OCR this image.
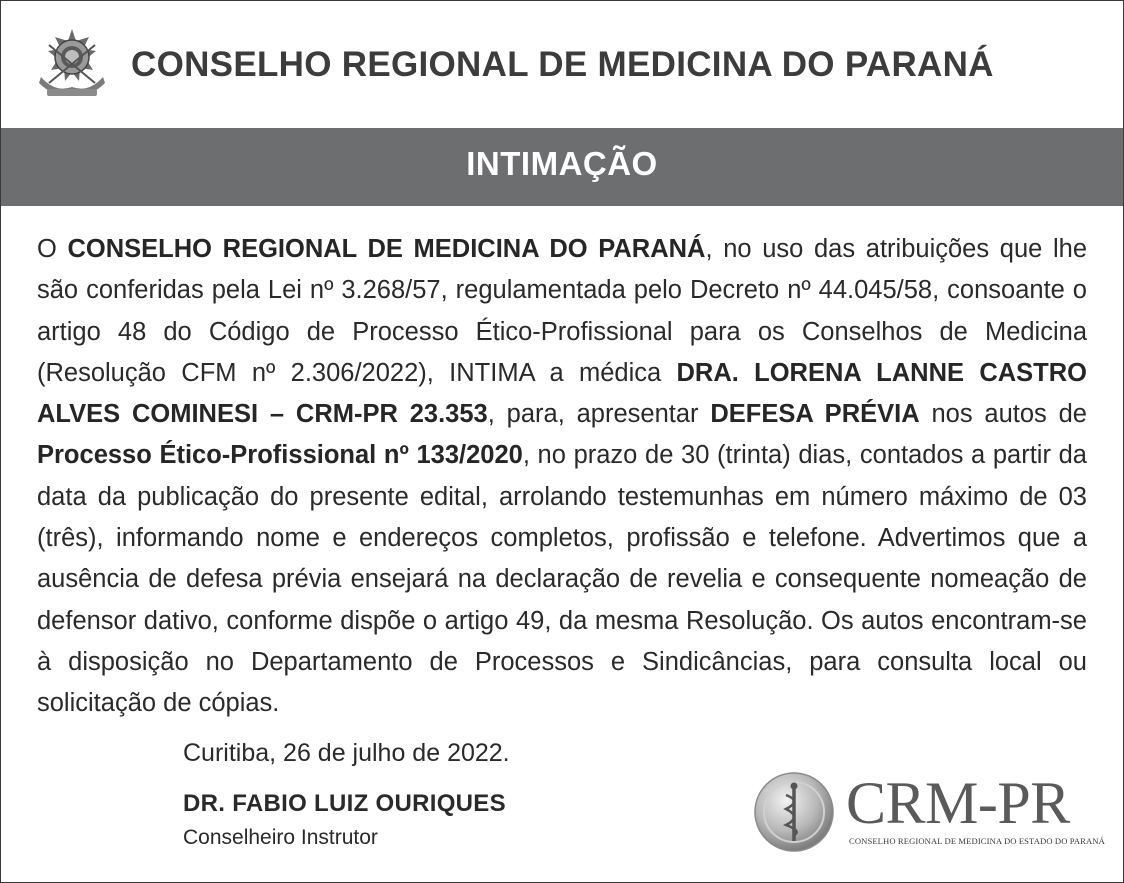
CONSELHO REGIONAL DE MEDICINA DO PARANÁ
INTIMAÇÃO
O CONSELHO REGIONAL DE MEDICINA DO PARANÁ, no uso das atribuições que lhe são conferidas pela Lei nº 3.268/57, regulamentada pelo Decreto nº 44.045/58, consoante o artigo 48 do Código de Processo Ético-Profissional para os Conselhos de Medicina (Resolução CFM nº 2.306/2022), INTIMA a médica DRA. LORENA LANNE CASTRO ALVES COMINESI – CRM-PR 23.353, para, apresentar DEFESA PRÉVIA nos autos de Processo Ético-Profissional nº 133/2020, no prazo de 30 (trinta) dias, contados a partir da data da publicação do presente edital, arrolando testemunhas em número máximo de 03 (três), informando nome e endereços completos, profissão e telefone. Advertimos que a ausência de defesa prévia ensejará na declaração de revelia e consequente nomeação de defensor dativo, conforme dispõe o artigo 49, da mesma Resolução. Os autos encontram-se à disposição no Departamento de Processos e Sindicâncias, para consulta local ou solicitação de cópias.
Curitiba, 26 de julho de 2022.
DR. FABIO LUIZ OURIQUES
Conselheiro Instrutor
CRM-PR
CONSELHO REGIONAL DE MEDICINA DO ESTADO DO PARANÁ
